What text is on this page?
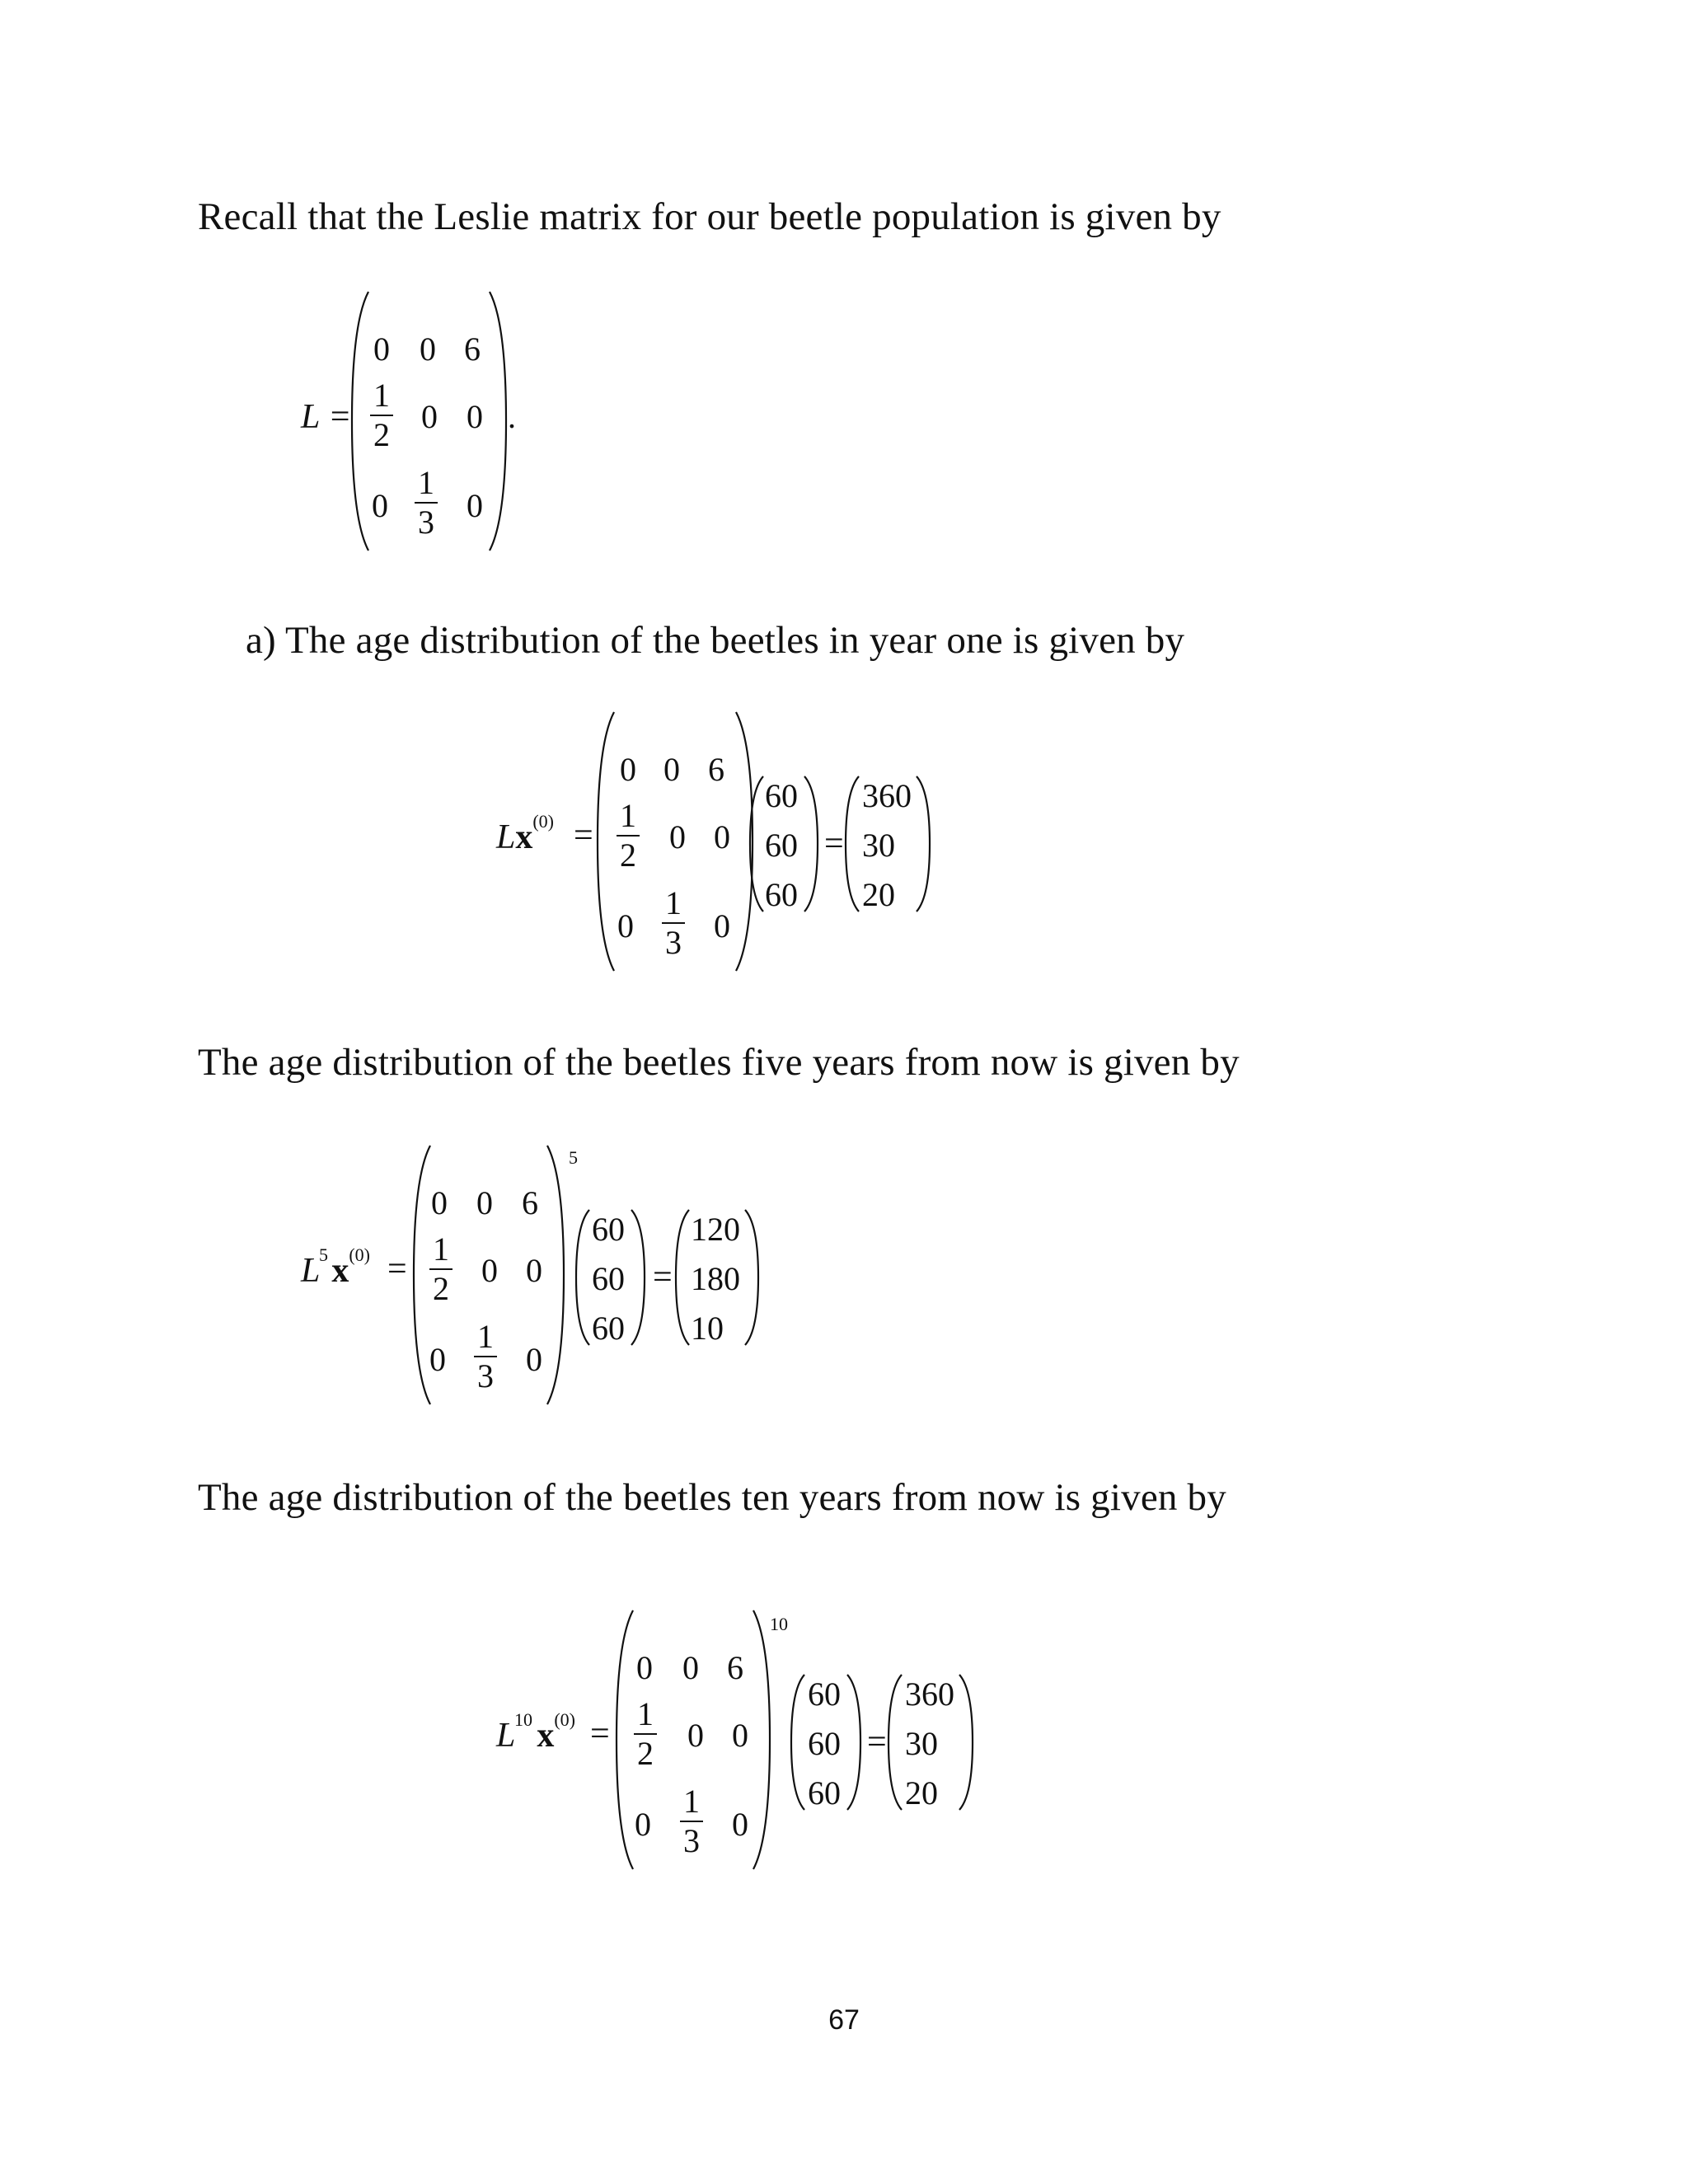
Recall that the Leslie matrix for our beetle population is given by
L =
0 0 6
1
2 0 0
0
1
3 0
.
a) The age distribution of the beetles in year one is given by
Lx (0) =
0 0 6
1
2	0 0
0
1
3 0
60
60
60
=
360
30
20
The age distribution of the beetles five years from now is given by
L
5 x (0) =
0 0 6
1
2 0 0
0
1
3 0
5
60
60
60
=
120
180
10
The age distribution of the beetles ten years from now is given by
L
10 x (0) =
0 0 6
1
2	0 0
0
1
3 0
10
60
60
60
=
360
30
20
67
